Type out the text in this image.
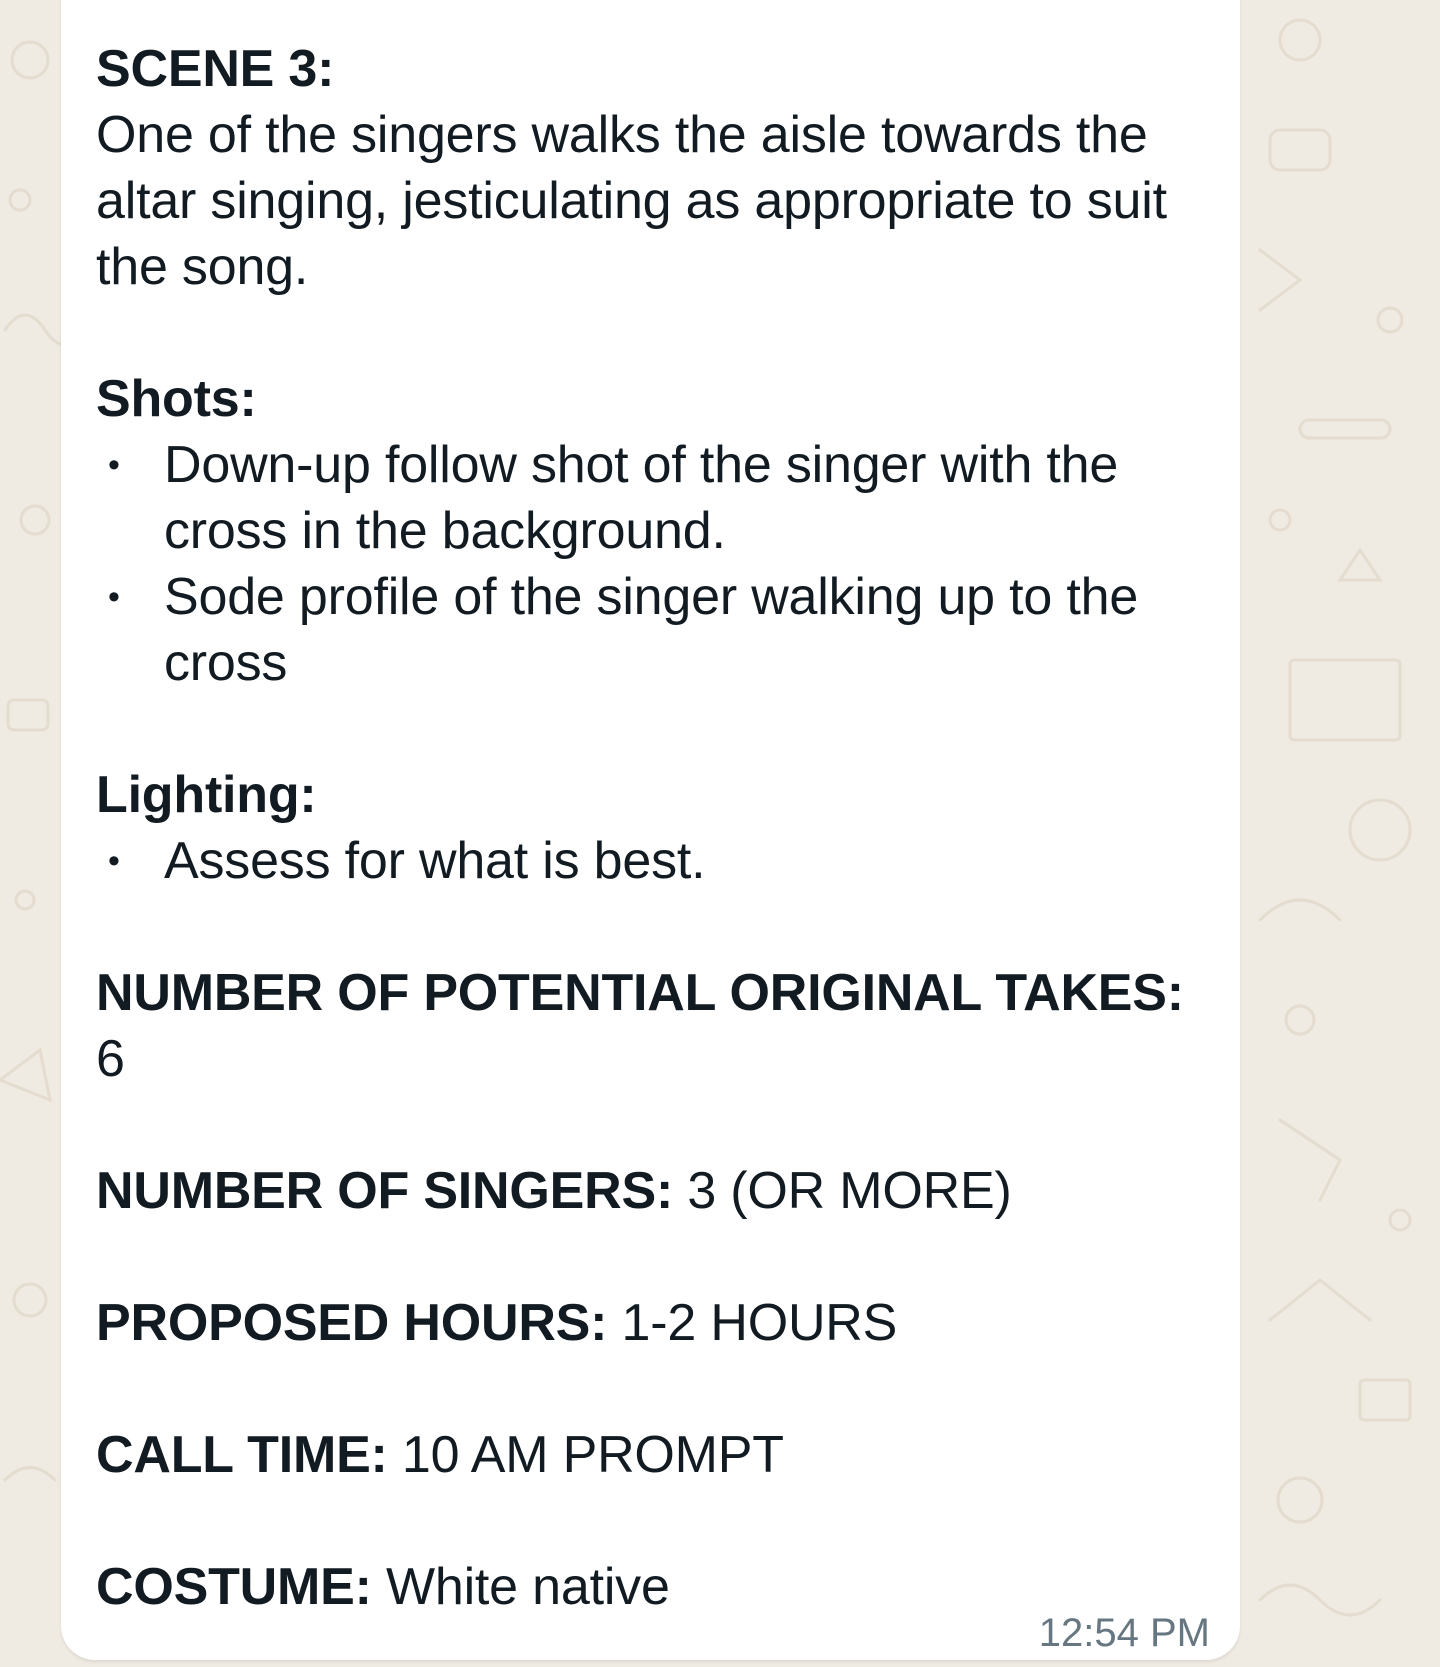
SCENE 3:
One of the singers walks the aisle towards the altar singing, jesticulating as appropriate to suit the song.
Shots:
• Down-up follow shot of the singer with the cross in the background.
• Sode profile of the singer walking up to the cross
Lighting:
• Assess for what is best.
NUMBER OF POTENTIAL ORIGINAL TAKES:
6
NUMBER OF SINGERS: 3 (OR MORE)
PROPOSED HOURS: 1-2 HOURS
CALL TIME: 10 AM PROMPT
COSTUME: White native
12:54 PM
